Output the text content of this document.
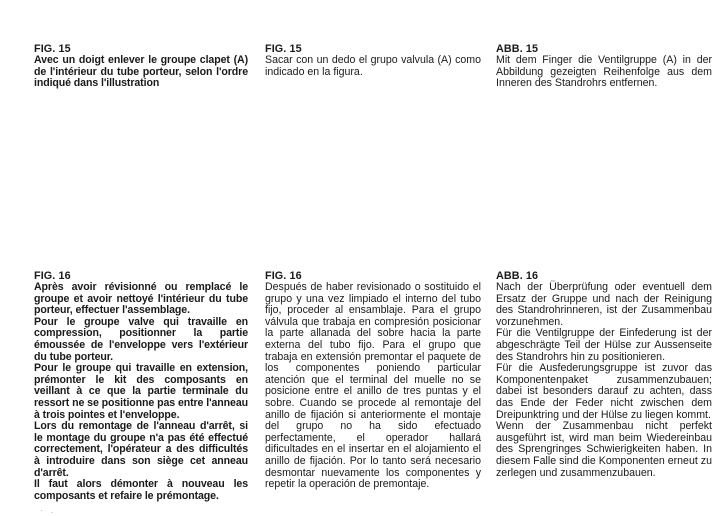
FIG. 15

Avec un doigt enlever le groupe clapet (A) de l'intérieur du tube porteur, selon l'ordre indiqué dans l'illustration

FIG. 15

Sacar con un dedo el grupo valvula (A) como indicado en la figura.

ABB. 15

Mit dem Finger die Ventilgruppe (A) in der Abbildung gezeigten Reihenfolge aus dem Inneren des Standrohrs entfernen.

FIG. 16

Après avoir révisionné ou remplacé le groupe et avoir nettoyé l'intérieur du tube porteur, effectuer l'assemblage.

Pour le groupe valve qui travaille en compression, positionner la partie émoussée de l'enveloppe vers l'extérieur du tube porteur.

Pour le groupe qui travaille en extension, prémonter le kit des composants en veillant à ce que la partie terminale du ressort ne se positionne pas entre l'anneau à trois pointes et l'enveloppe.

Lors du remontage de l'anneau d'arrêt, si le montage du groupe n'a pas été effectué correctement, l'opérateur a des difficultés à introduire dans son siège cet anneau d'arrêt.

Il faut alors démonter à nouveau les composants et refaire le prémontage.

FIG. 16

Después de haber revisionado o sostituido el grupo y una vez limpiado el interno del tubo fijo, proceder al ensamblaje. Para el grupo válvula que trabaja en compresión posicionar la parte allanada del sobre hacia la parte externa del tubo fijo. Para el grupo que trabaja en extensión premontar el paquete de los componentes poniendo particular atención que el terminal del muelle no se posicione entre el anillo de tres puntas y el sobre. Cuando se procede al remontaje del anillo de fijación si anteriormente el montaje del grupo no ha sido efectuado perfectamente, el operador hallará dificultades en el insertar en el alojamiento el anillo de fijación. Por lo tanto será necesario desmontar nuevamente los componentes y repetir la operación de premontaje.

ABB. 16

Nach der Überprüfung oder eventuell dem Ersatz der Gruppe und nach der Reinigung des Standrohrinneren, ist der Zusammenbau vorzunehmen.

Für die Ventilgruppe der Einfederung ist der abgeschrägte Teil der Hülse zur Aussenseite des Standrohrs hin zu positionieren.

Für die Ausfederungsgruppe ist zuvor das Komponentenpaket zusammenzubauen; dabei ist besonders darauf zu achten, dass das Ende der Feder nicht zwischen dem Dreipunktring und der Hülse zu liegen kommt.

Wenn der Zusammenbau nicht perfekt ausgeführt ist, wird man beim Wiedereinbau des Sprengringes Schwierigkeiten haben. In diesem Falle sind die Komponenten erneut zu zerlegen und zusammenzubauen.

· .
